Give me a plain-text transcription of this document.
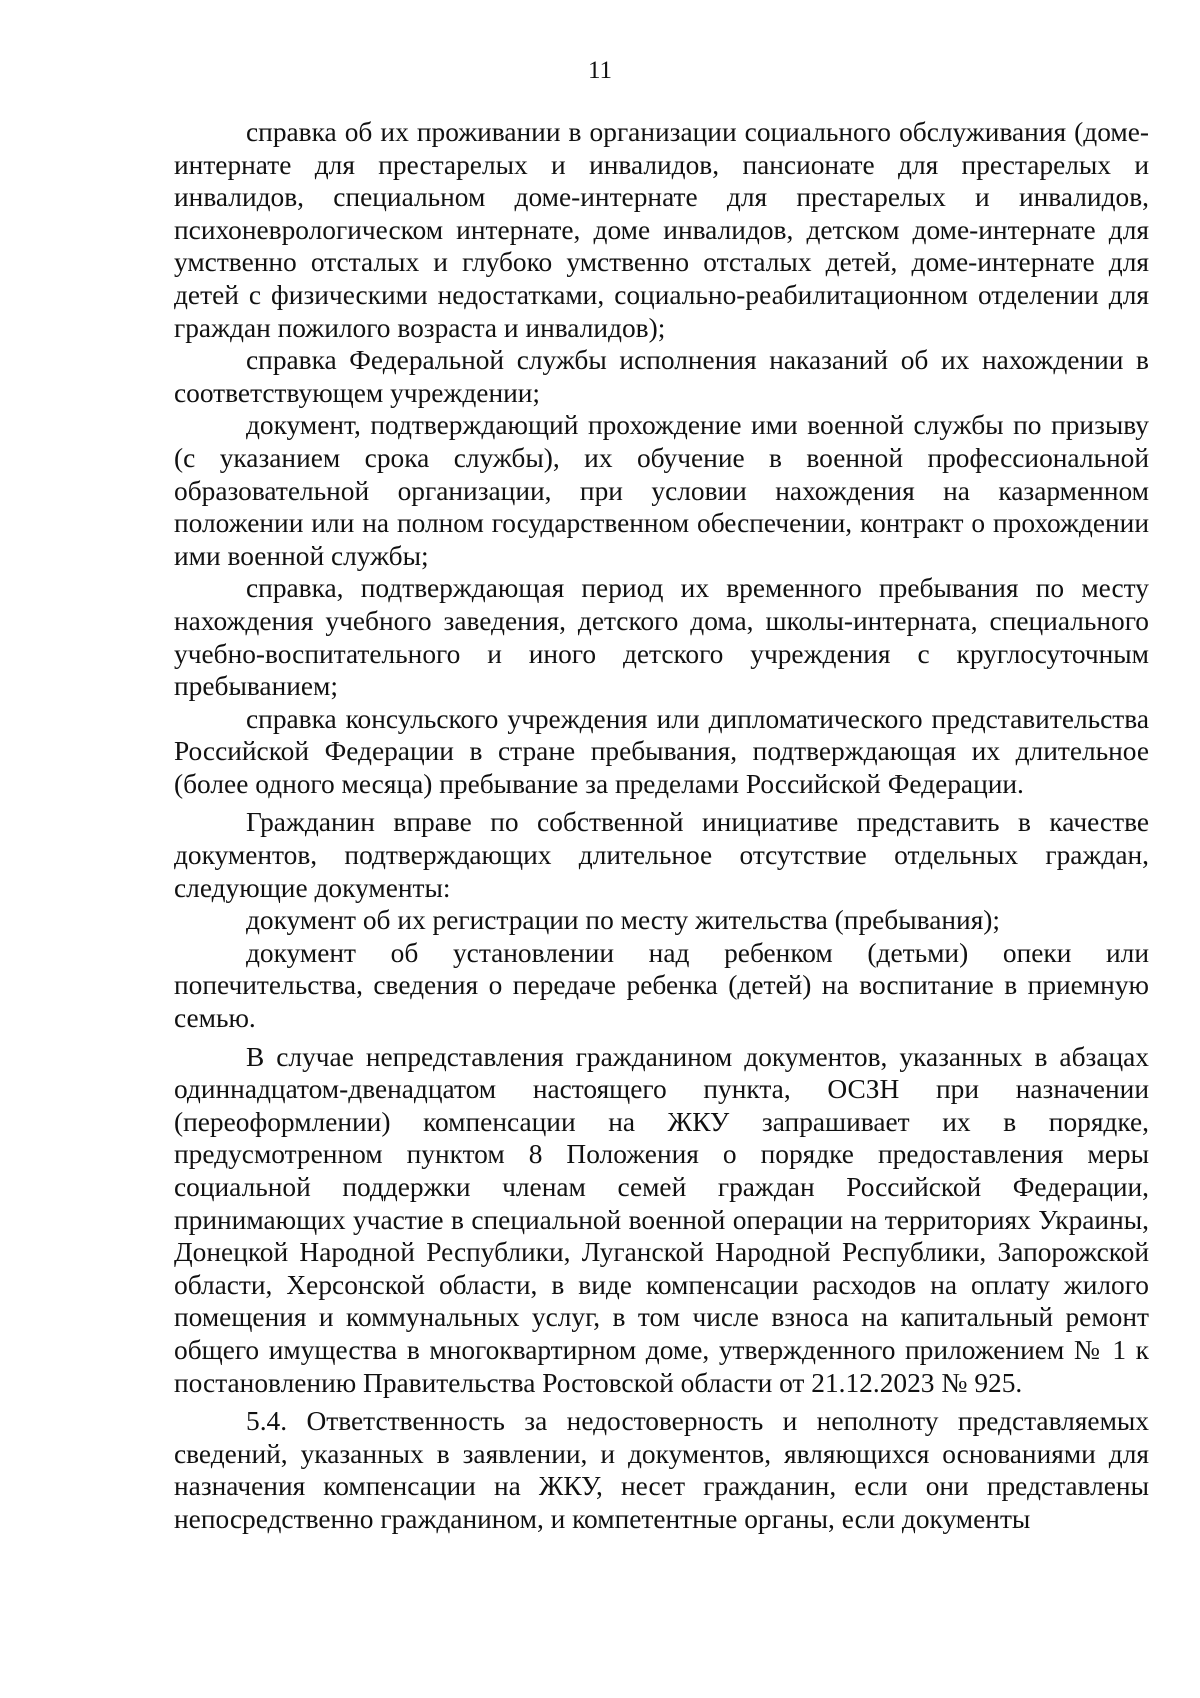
11

справка об их проживании в организации социального обслуживания (доме-интернате для престарелых и инвалидов, пансионате для престарелых и инвалидов, специальном доме-интернате для престарелых и инвалидов, психоневрологическом интернате, доме инвалидов, детском доме-интернате для умственно отсталых и глубоко умственно отсталых детей, доме-интернате для детей с физическими недостатками, социально-реабилитационном отделении для граждан пожилого возраста и инвалидов);

справка Федеральной службы исполнения наказаний об их нахождении в соответствующем учреждении;

документ, подтверждающий прохождение ими военной службы по призыву (с указанием срока службы), их обучение в военной профессиональной образовательной организации, при условии нахождения на казарменном положении или на полном государственном обеспечении, контракт о прохождении ими военной службы;

справка, подтверждающая период их временного пребывания по месту нахождения учебного заведения, детского дома, школы-интерната, специального учебно-воспитательного и иного детского учреждения с круглосуточным пребыванием;

справка консульского учреждения или дипломатического представительства Российской Федерации в стране пребывания, подтверждающая их длительное (более одного месяца) пребывание за пределами Российской Федерации.

Гражданин вправе по собственной инициативе представить в качестве документов, подтверждающих длительное отсутствие отдельных граждан, следующие документы:

документ об их регистрации по месту жительства (пребывания);

документ об установлении над ребенком (детьми) опеки или попечительства, сведения о передаче ребенка (детей) на воспитание в приемную семью.

В случае непредставления гражданином документов, указанных в абзацах одиннадцатом-двенадцатом настоящего пункта, ОСЗН при назначении (переоформлении) компенсации на ЖКУ запрашивает их в порядке, предусмотренном пунктом 8 Положения о порядке предоставления меры социальной поддержки членам семей граждан Российской Федерации, принимающих участие в специальной военной операции на территориях Украины, Донецкой Народной Республики, Луганской Народной Республики, Запорожской области, Херсонской области, в виде компенсации расходов на оплату жилого помещения и коммунальных услуг, в том числе взноса на капитальный ремонт общего имущества в многоквартирном доме, утвержденного приложением № 1 к постановлению Правительства Ростовской области от 21.12.2023 № 925.

5.4. Ответственность за недостоверность и неполноту представляемых сведений, указанных в заявлении, и документов, являющихся основаниями для назначения компенсации на ЖКУ, несет гражданин, если они представлены непосредственно гражданином, и компетентные органы, если документы
